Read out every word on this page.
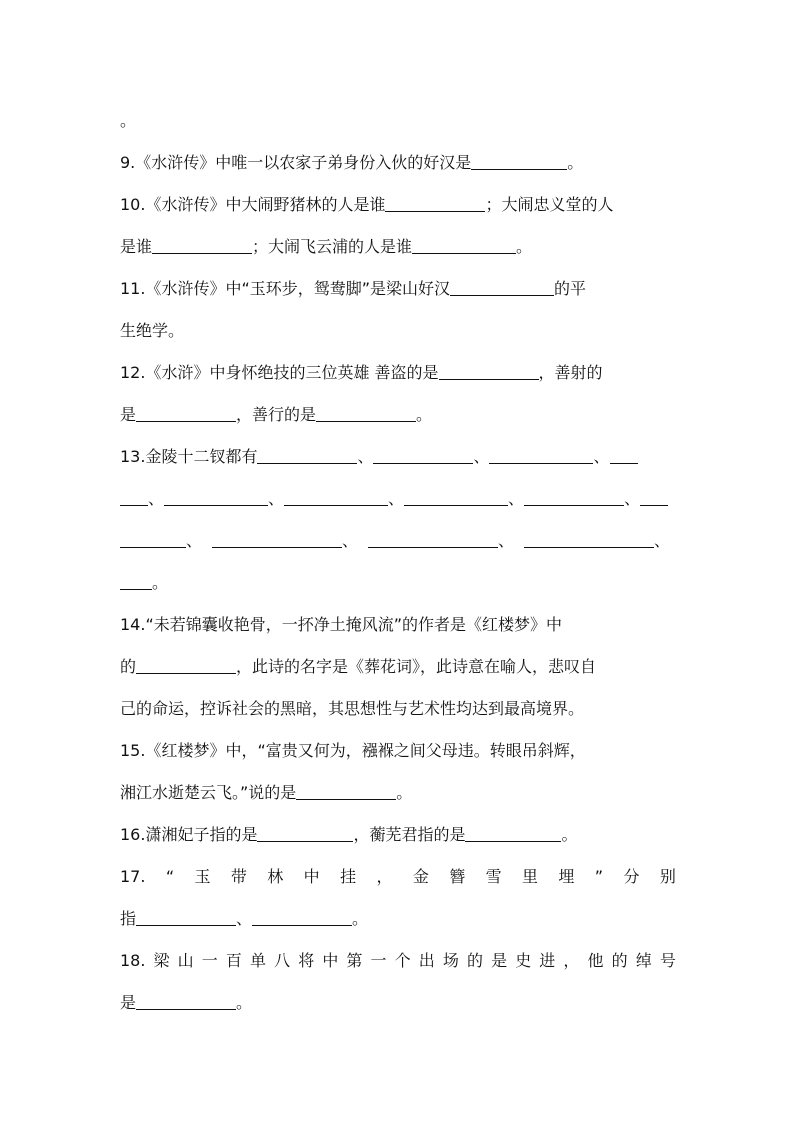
。
9.《水浒传》中唯一以农家子弟身份入伙的好汉是	。
10.《水浒传》中大闹野猪林的人是谁	；大闹忠义堂的人
是谁	；大闹飞云浦的人是谁	。
11.《水浒传》中“玉环步，鸳鸯脚”是梁山好汉	的平
生绝学。
12.《水浒》中身怀绝技的三位英雄 善盗的是	，善射的
是	，善行的是	。
13.金陵十二钗都有	、	、	、
、	、	、	、	、
、	、	、	、
。
14.“未若锦囊收艳骨，一抔净土掩风流”的作者是《红楼梦》中
的	，此诗的名字是《葬花词》，此诗意在喻人，悲叹自
己的命运，控诉社会的黑暗，其思想性与艺术性均达到最高境界。
15.《红楼梦》中，“富贵又何为，襁褓之间父母违。转眼吊斜辉，
湘江水逝楚云飞。”说的是	。
16.潇湘妃子指的是	，蘅芜君指的是	。
17. “ 玉 带 林 中 挂 ， 金 簪 雪 里 埋 ” 分 别
指	、	。
18. 梁 山 一 百 单 八 将 中 第 一 个 出 场 的 是 史 进 ， 他 的 绰 号
是	。
